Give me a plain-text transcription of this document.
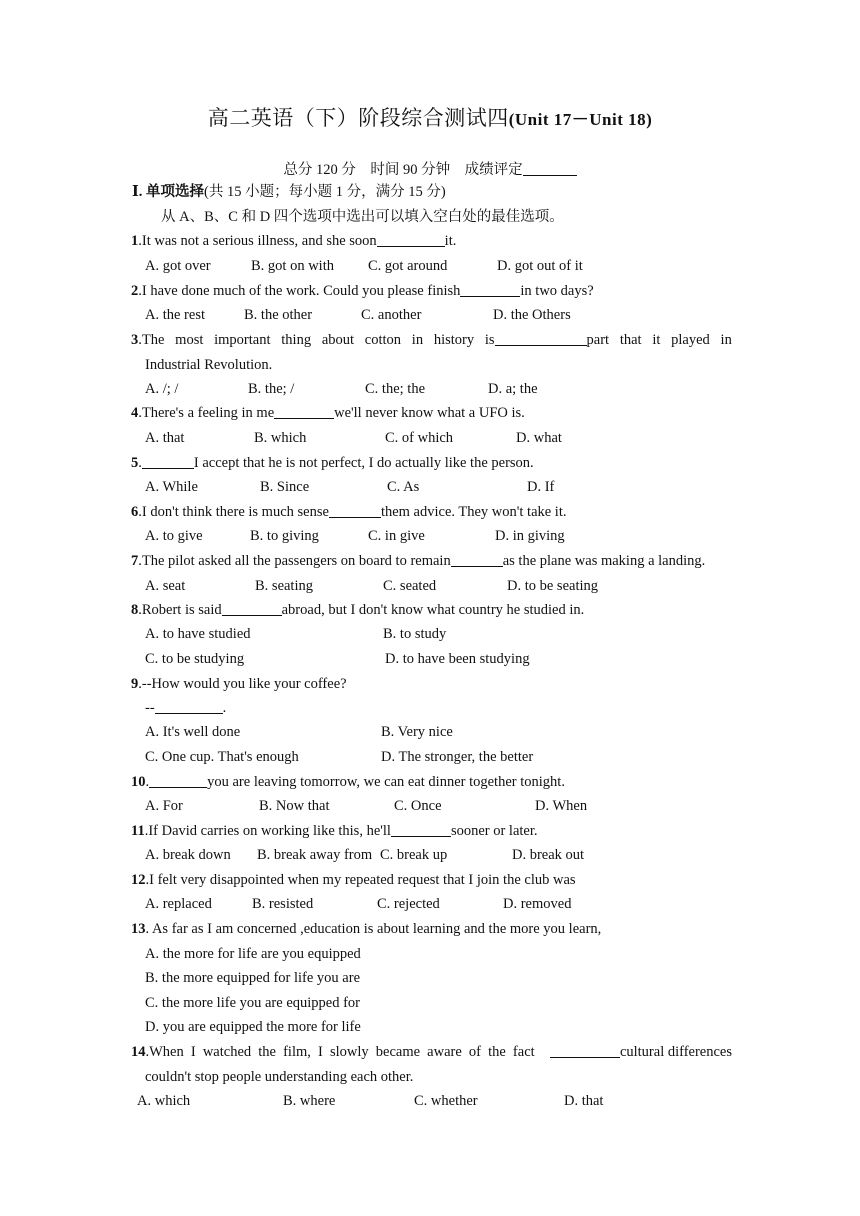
高二英语（下）阶段综合测试四(Unit 17－Unit 18)
总分 120 分 时间 90 分钟 成绩评定
Ⅰ. 单项选择(共 15 小题；每小题 1 分，满分 15 分)
从 A、B、C 和 D 四个选项中选出可以填入空白处的最佳选项。
1.It was not a serious illness, and she soon	it.
A. got over	B. got on with C. got around	D. got out of it
2.I have done much of the work. Could you please finish	in two days?
A. the rest	B. the other	C. another	D. the Others
3.The most important thing about cotton in history is	part that it played in
Industrial Revolution.
A. /; /	B. the; /	C. the; the	D. a; the
4.There's a feeling in me	we'll never know what a UFO is.
A. that	B. which	C. of which	D. what
5.	I accept that he is not perfect, I do actually like the person.
A. While	B. Since	C. As	D. If
6.I don't think there is much sense	them advice. They won't take it.
A. to give	B. to giving	C. in give	D. in giving
7.The pilot asked all the passengers on board to remain	as the plane was making a landing.
A. seat	B. seating	C. seated	D. to be seating
8.Robert is said	abroad, but I don't know what country he studied in.
A. to have studied	B. to study
C. to be studying	D. to have been studying
9.--How would you like your coffee?
--	.
A. It's well done	B. Very nice
C. One cup. That's enough	D. The stronger, the better
10.	you are leaving tomorrow, we can eat dinner together tonight.
A. For	B. Now that	C. Once	D. When
11.If David carries on working like this, he'll	sooner or later.
A. break down B. break away from C. break up	D. break out
12.I felt very disappointed when my repeated request that I join the club was
A. replaced	B. resisted	C. rejected	D. removed
13. As far as I am concerned ,education is about learning and the more you learn,
A. the more for life are you equipped
B. the more equipped for life you are
C. the more life you are equipped for
D. you are equipped the more for life
14 .When I watched the film, I slowly became aware of the fact	cultural differences
couldn't stop people understanding each other.
A. which	B. where	C. whether	D. that
